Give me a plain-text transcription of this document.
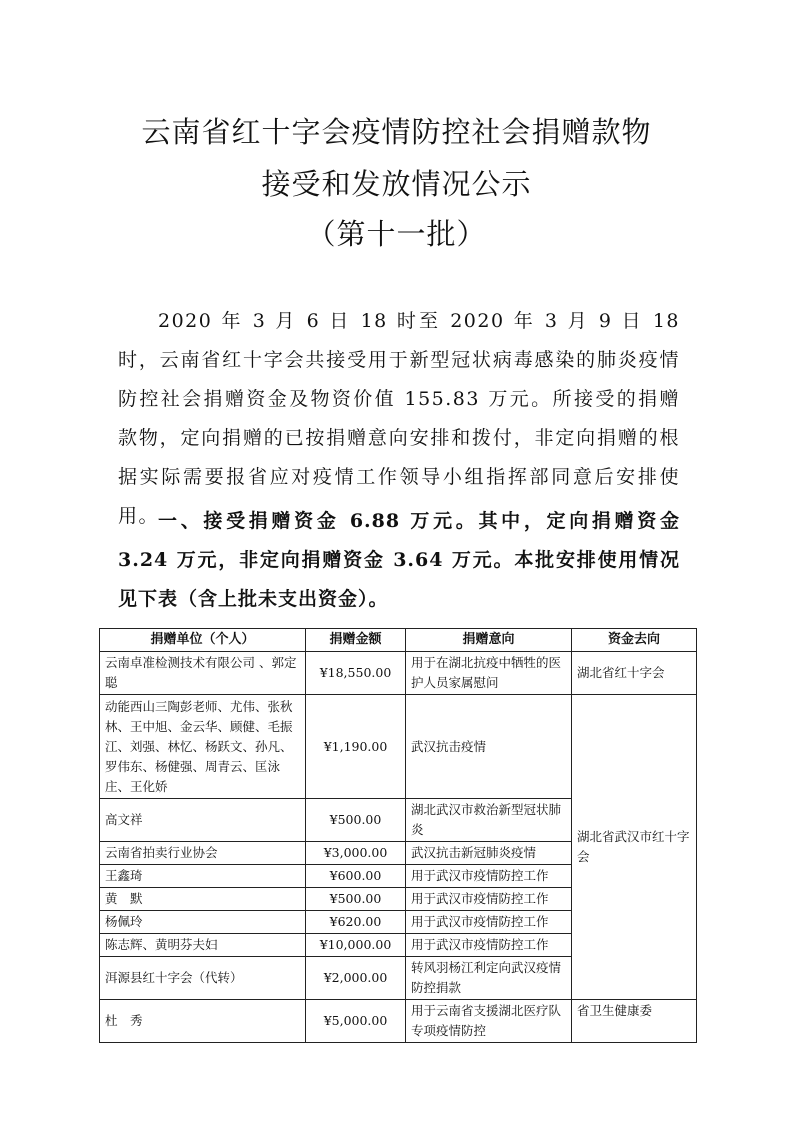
云南省红十字会疫情防控社会捐赠款物
接受和发放情况公示
（第十一批）
2020 年 3 月 6 日 18 时至 2020 年 3 月 9 日 18 时，云南省红十字会共接受用于新型冠状病毒感染的肺炎疫情防控社会捐赠资金及物资价值 155.83 万元。所接受的捐赠款物，定向捐赠的已按捐赠意向安排和拨付，非定向捐赠的根据实际需要报省应对疫情工作领导小组指挥部同意后安排使用。
一、接受捐赠资金 6.88 万元。其中，定向捐赠资金 3.24 万元，非定向捐赠资金 3.64 万元。本批安排使用情况见下表（含上批未支出资金）。
捐赠单位（个人）	捐赠金额	捐赠意向	资金去向
云南卓准检测技术有限公司 、郭定聪	¥18,550.00	用于在湖北抗疫中牺牲的医护人员家属慰问	湖北省红十字会
动能西山三陶彭老师、尤伟、张秋林、王中旭、金云华、顾健、毛振江、刘强、林忆、杨跃文、孙凡、罗伟东、杨健强、周青云、匡泳庄、王化娇	¥1,190.00	武汉抗击疫情	湖北省武汉市红十字会
高文祥	¥500.00	湖北武汉市救治新型冠状肺炎	
云南省拍卖行业协会	¥3,000.00	武汉抗击新冠肺炎疫情	
王鑫琦	¥600.00	用于武汉市疫情防控工作	
黄　默	¥500.00	用于武汉市疫情防控工作	
杨佩玲	¥620.00	用于武汉市疫情防控工作	
陈志辉、黄明芬夫妇	¥10,000.00	用于武汉市疫情防控工作	
洱源县红十字会（代转）	¥2,000.00	转风羽杨江利定向武汉疫情防控捐款	
杜　秀	¥5,000.00	用于云南省支援湖北医疗队专项疫情防控	省卫生健康委
